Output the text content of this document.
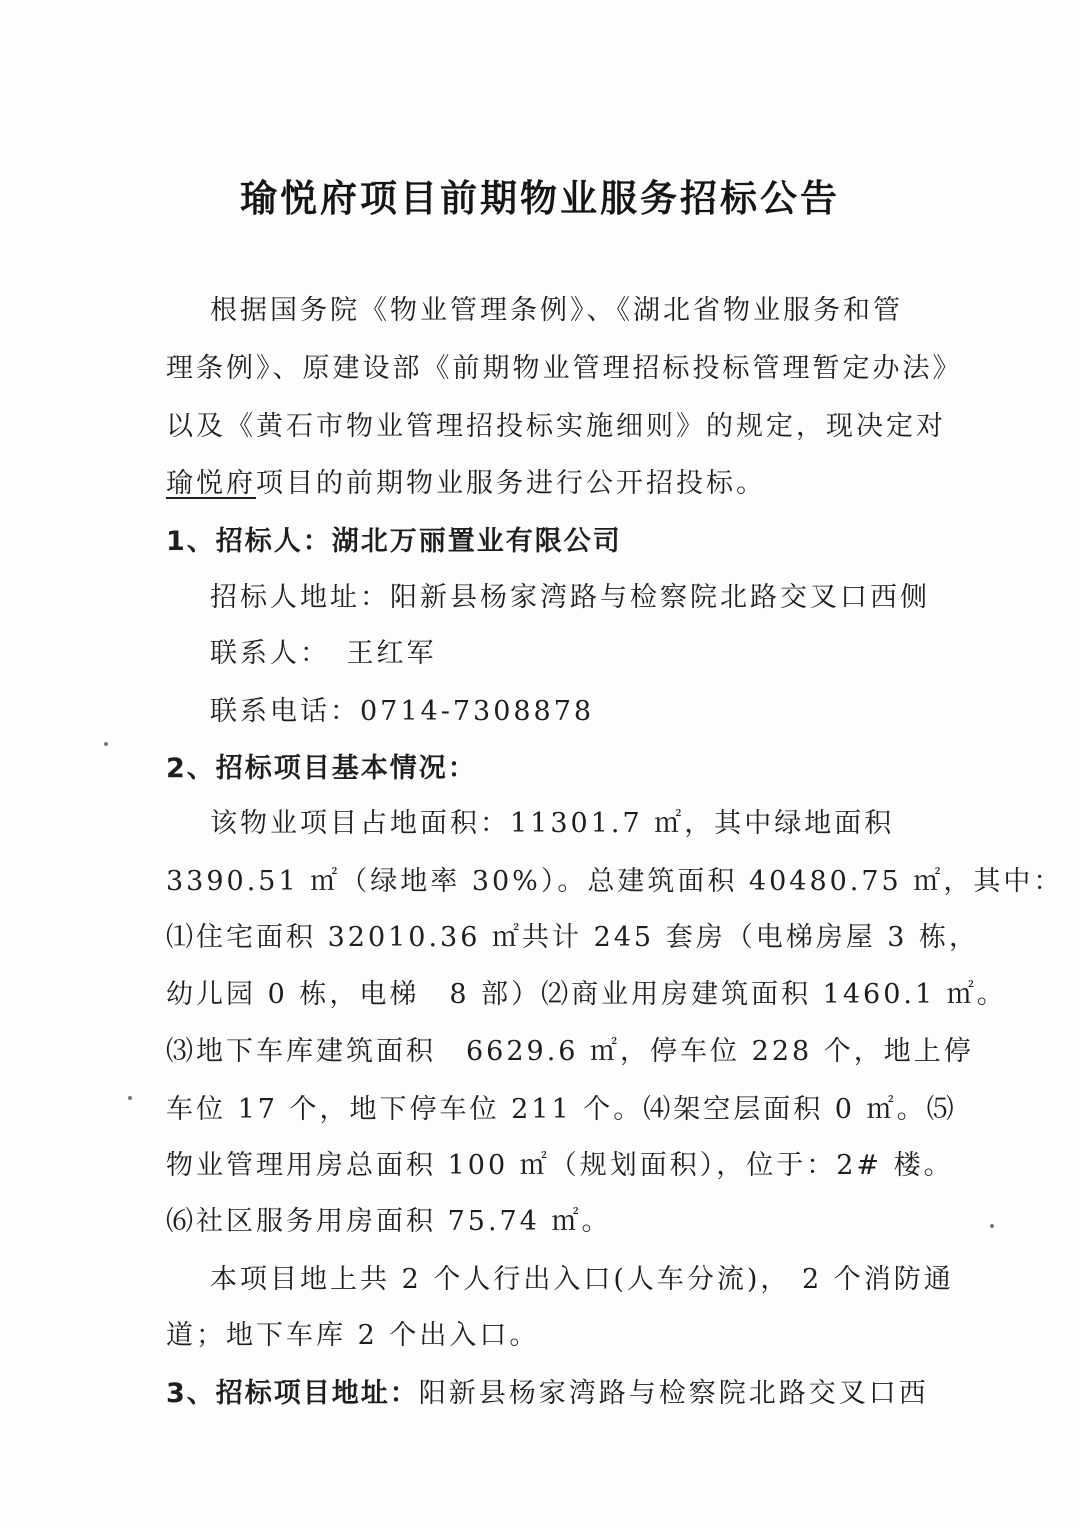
瑜悦府项目前期物业服务招标公告
根据国务院《物业管理条例》、《湖北省物业服务和管
理条例》、原建设部《前期物业管理招标投标管理暂定办法》
以及《黄石市物业管理招投标实施细则》的规定，现决定对
瑜悦府项目的前期物业服务进行公开招投标。
1、招标人：湖北万丽置业有限公司
招标人地址：阳新县杨家湾路与检察院北路交叉口西侧
联系人：　王红军
联系电话：0714-7308878
2、招标项目基本情况：
该物业项目占地面积：11301.7 ㎡，其中绿地面积
3390.51 ㎡（绿地率 30%）。总建筑面积 40480.75 ㎡，其中：
⑴住宅面积 32010.36 ㎡共计 245 套房（电梯房屋 3 栋，
幼儿园 0 栋，电梯　8 部）⑵商业用房建筑面积 1460.1 ㎡。
⑶地下车库建筑面积　6629.6 ㎡，停车位 228 个，地上停
车位 17 个，地下停车位 211 个。⑷架空层面积 0 ㎡。⑸
物业管理用房总面积 100 ㎡（规划面积），位于：2# 楼。
⑹社区服务用房面积 75.74 ㎡。
本项目地上共 2 个人行出入口(人车分流)， 2 个消防通
道；地下车库 2 个出入口。
3、招标项目地址：阳新县杨家湾路与检察院北路交叉口西
